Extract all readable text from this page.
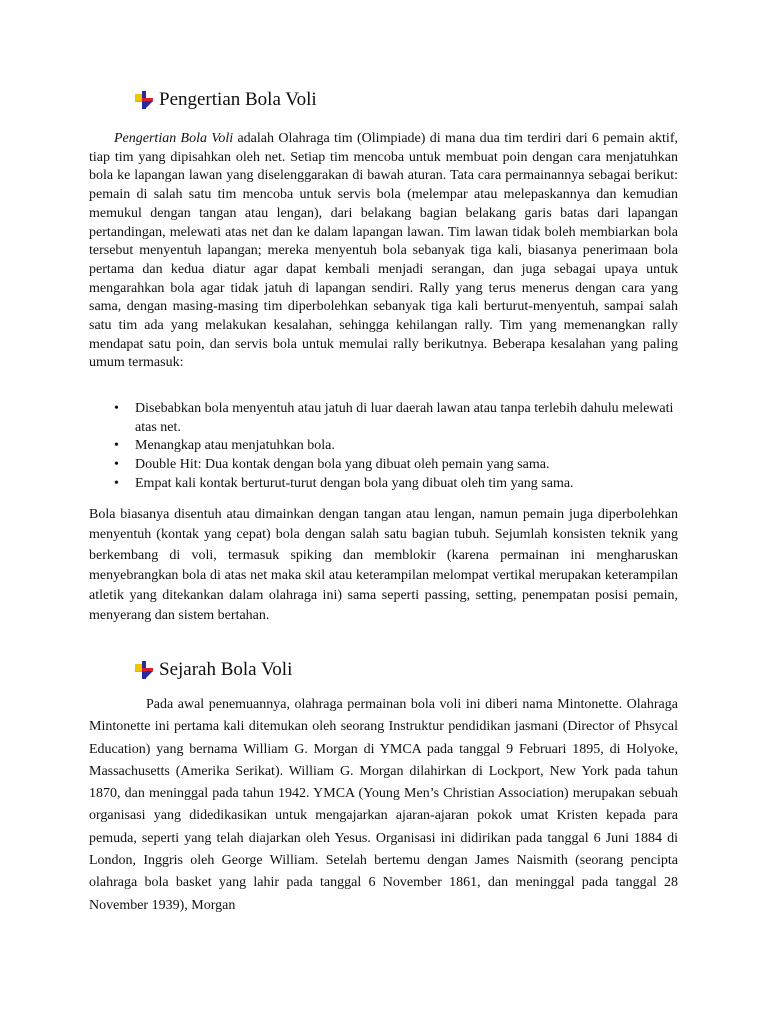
Pengertian Bola Voli

Pengertian Bola Voli adalah Olahraga tim (Olimpiade) di mana dua tim terdiri dari 6 pemain aktif, tiap tim yang dipisahkan oleh net. Setiap tim mencoba untuk membuat poin dengan cara menjatuhkan bola ke lapangan lawan yang diselenggarakan di bawah aturan. Tata cara permainannya sebagai berikut: pemain di salah satu tim mencoba untuk servis bola (melempar atau melepaskannya dan kemudian memukul dengan tangan atau lengan), dari belakang bagian belakang garis batas dari lapangan pertandingan, melewati atas net dan ke dalam lapangan lawan. Tim lawan tidak boleh membiarkan bola tersebut menyentuh lapangan; mereka menyentuh bola sebanyak tiga kali, biasanya penerimaan bola pertama dan kedua diatur agar dapat kembali menjadi serangan, dan juga sebagai upaya untuk mengarahkan bola agar tidak jatuh di lapangan sendiri. Rally yang terus menerus dengan cara yang sama, dengan masing-masing tim diperbolehkan sebanyak tiga kali berturut-menyentuh, sampai salah satu tim ada yang melakukan kesalahan, sehingga kehilangan rally. Tim yang memenangkan rally mendapat satu poin, dan servis bola untuk memulai rally berikutnya. Beberapa kesalahan yang paling umum termasuk:

• Disebabkan bola menyentuh atau jatuh di luar daerah lawan atau tanpa terlebih dahulu melewati atas net.
• Menangkap atau menjatuhkan bola.
• Double Hit: Dua kontak dengan bola yang dibuat oleh pemain yang sama.
• Empat kali kontak berturut-turut dengan bola yang dibuat oleh tim yang sama.

Bola biasanya disentuh atau dimainkan dengan tangan atau lengan, namun pemain juga diperbolehkan menyentuh (kontak yang cepat) bola dengan salah satu bagian tubuh. Sejumlah konsisten teknik yang berkembang di voli, termasuk spiking dan memblokir (karena permainan ini mengharuskan menyebrangkan bola di atas net maka skil atau keterampilan melompat vertikal merupakan keterampilan atletik yang ditekankan dalam olahraga ini) sama seperti passing, setting, penempatan posisi pemain, menyerang dan sistem bertahan.

Sejarah Bola Voli

Pada awal penemuannya, olahraga permainan bola voli ini diberi nama Mintonette. Olahraga Mintonette ini pertama kali ditemukan oleh seorang Instruktur pendidikan jasmani (Director of Phsycal Education) yang bernama William G. Morgan di YMCA pada tanggal 9 Februari 1895, di Holyoke, Massachusetts (Amerika Serikat). William G. Morgan dilahirkan di Lockport, New York pada tahun 1870, dan meninggal pada tahun 1942. YMCA (Young Men’s Christian Association) merupakan sebuah organisasi yang didedikasikan untuk mengajarkan ajaran-ajaran pokok umat Kristen kepada para pemuda, seperti yang telah diajarkan oleh Yesus. Organisasi ini didirikan pada tanggal 6 Juni 1884 di London, Inggris oleh George William. Setelah bertemu dengan James Naismith (seorang pencipta olahraga bola basket yang lahir pada tanggal 6 November 1861, dan meninggal pada tanggal 28 November 1939), Morgan
